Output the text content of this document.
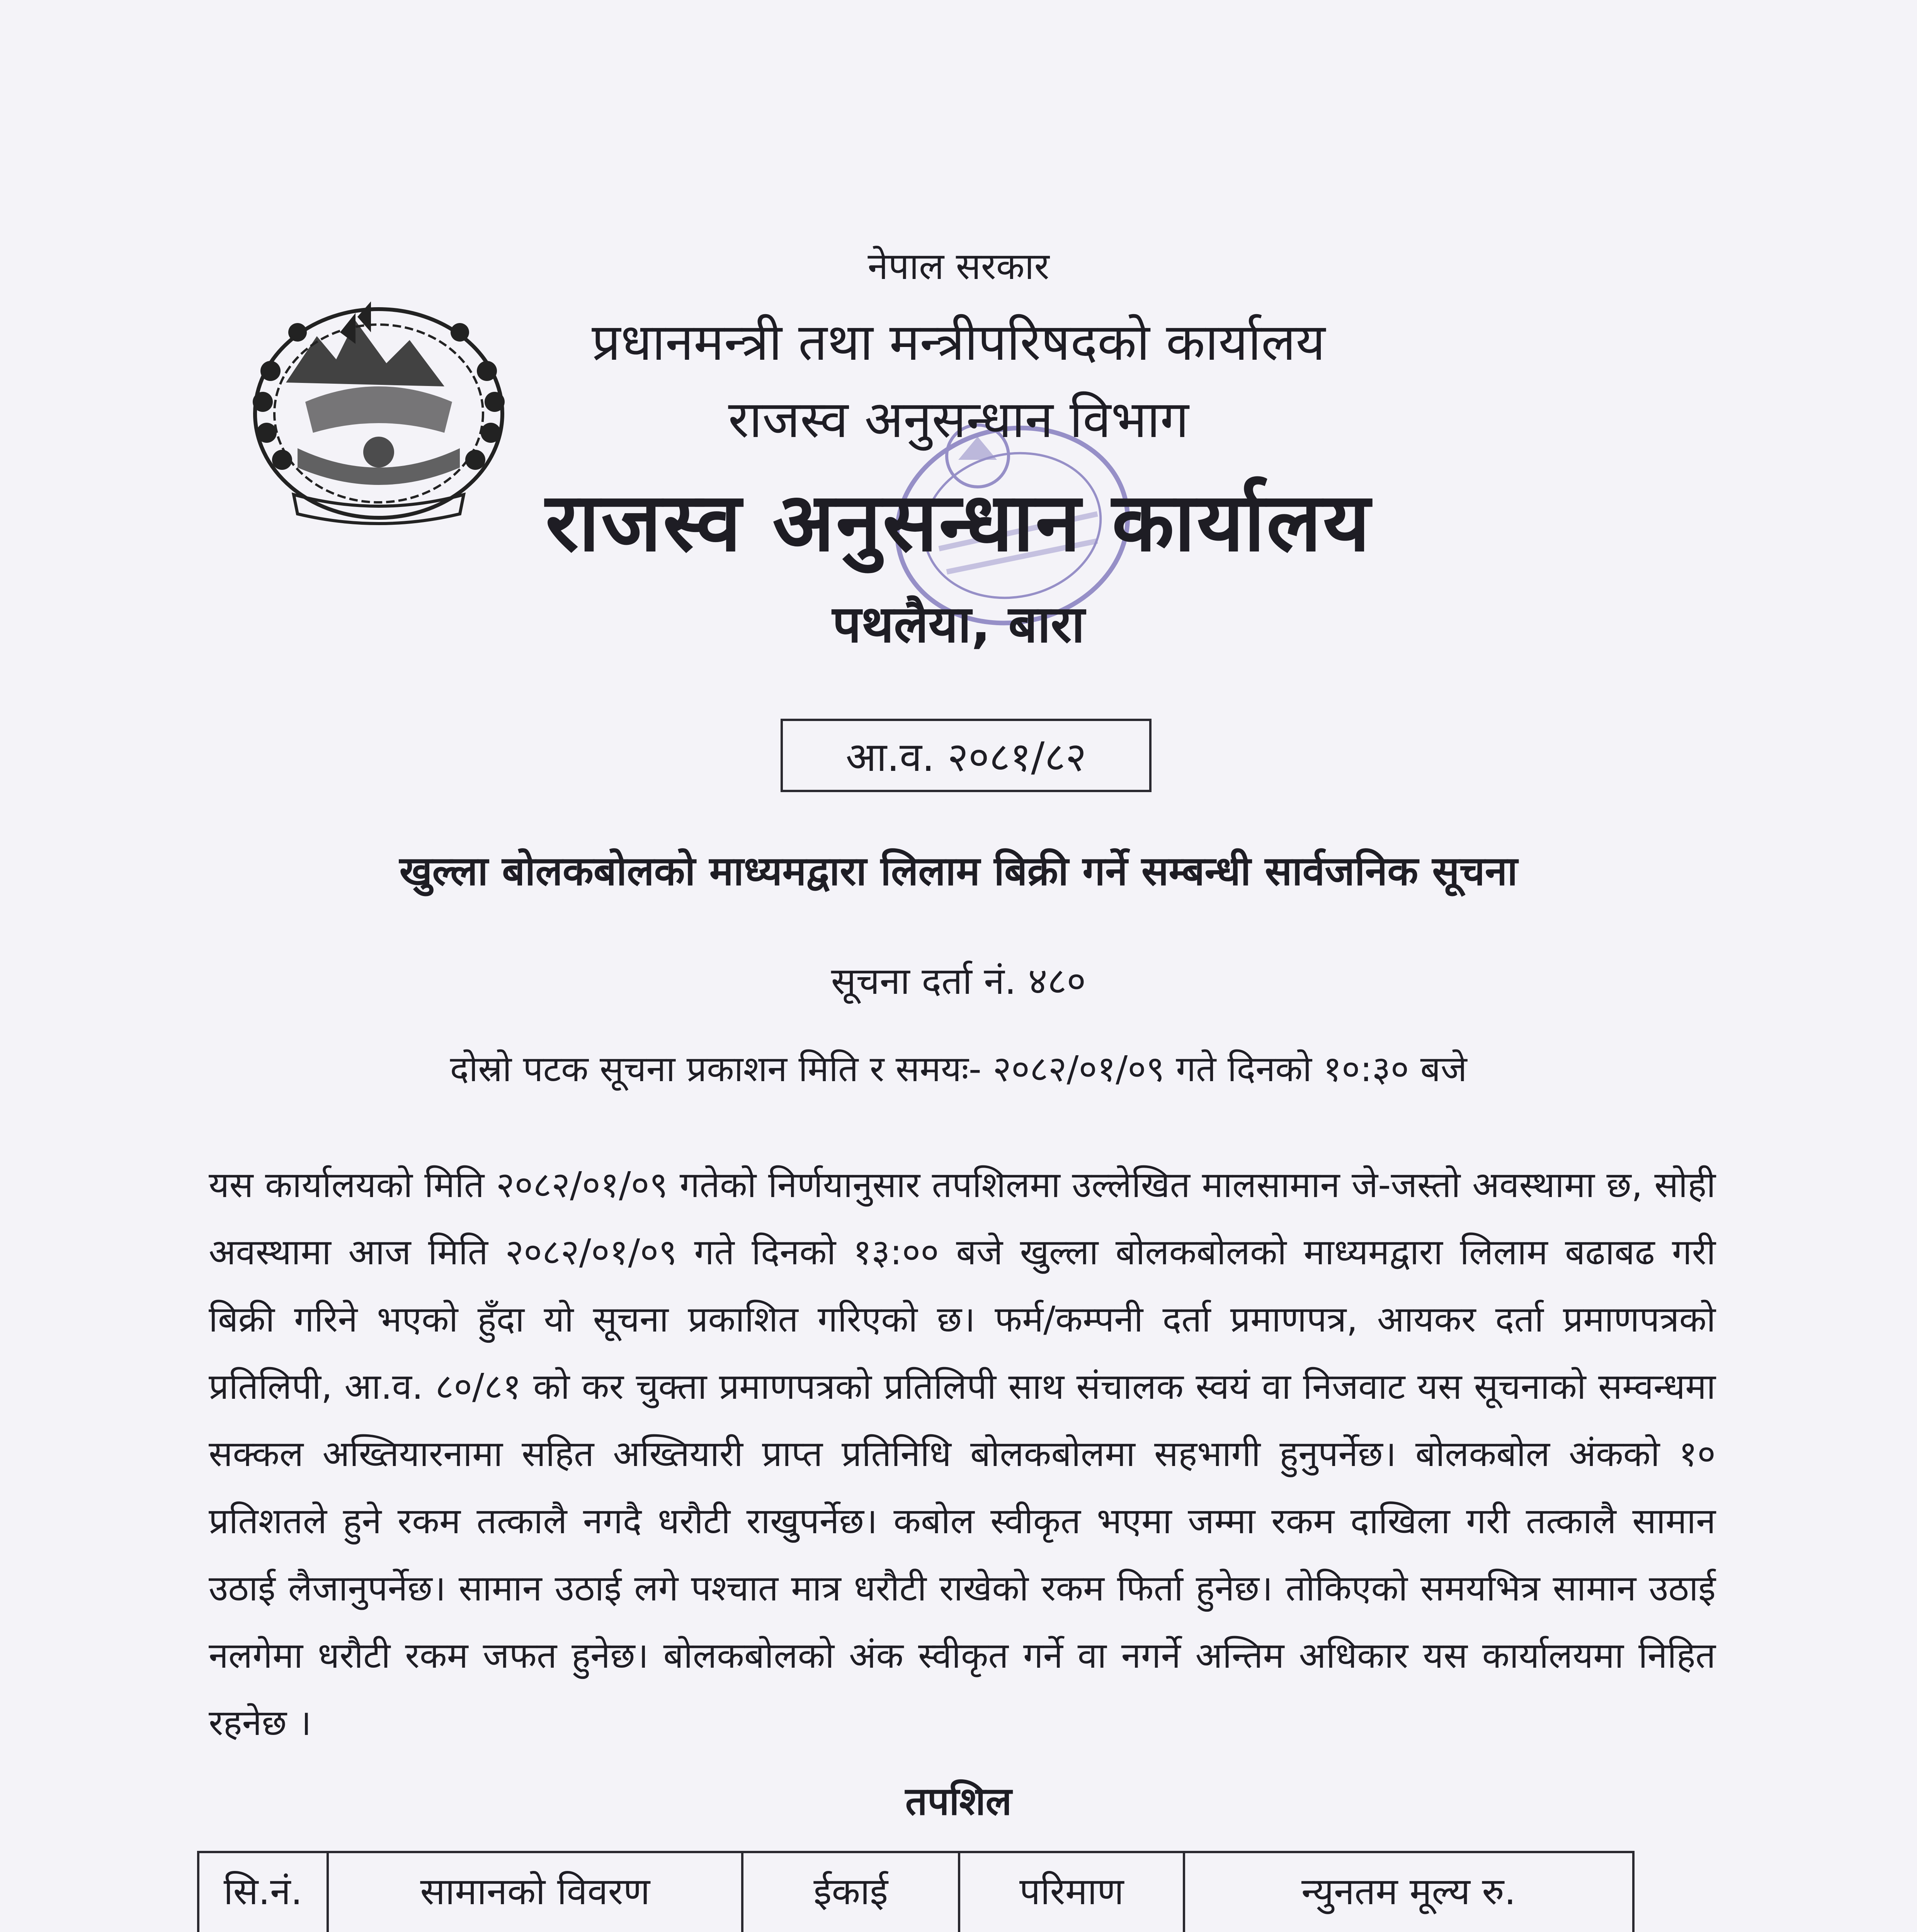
नेपाल सरकार
प्रधानमन्त्री तथा मन्त्रीपरिषदको कार्यालय
राजस्व अनुसन्धान विभाग
राजस्व अनुसन्धान कार्यालय
पथलैया, बारा
आ.व. २०८१/८२
खुल्ला बोलकबोलको माध्यमद्वारा लिलाम बिक्री गर्ने सम्बन्धी सार्वजनिक सूचना
सूचना दर्ता नं. ४८०
दोस्रो पटक सूचना प्रकाशन मिति र समयः- २०८२/०१/०९ गते दिनको १०:३० बजे
यस कार्यालयको मिति २०८२/०१/०९ गतेको निर्णयानुसार तपशिलमा उल्लेखित मालसामान जे-जस्तो अवस्थामा छ, सोही अवस्थामा आज मिति २०८२/०१/०९ गते दिनको १३:०० बजे खुल्ला बोलकबोलको माध्यमद्वारा लिलाम बढाबढ गरी बिक्री गरिने भएको हुँदा यो सूचना प्रकाशित गरिएको छ। फर्म/कम्पनी दर्ता प्रमाणपत्र, आयकर दर्ता प्रमाणपत्रको प्रतिलिपी, आ.व. ८०/८१ को कर चुक्ता प्रमाणपत्रको प्रतिलिपी साथ संचालक स्वयं वा निजवाट यस सूचनाको सम्वन्धमा सक्कल अख्तियारनामा सहित अख्तियारी प्राप्त प्रतिनिधि बोलकबोलमा सहभागी हुनुपर्नेछ। बोलकबोल अंकको १० प्रतिशतले हुने रकम तत्कालै नगदै धरौटी राखुपर्नेछ। कबोल स्वीकृत भएमा जम्मा रकम दाखिला गरी तत्कालै सामान उठाई लैजानुपर्नेछ। सामान उठाई लगे पश्चात मात्र धरौटी राखेको रकम फिर्ता हुनेछ। तोकिएको समयभित्र सामान उठाई नलगेमा धरौटी रकम जफत हुनेछ। बोलकबोलको अंक स्वीकृत गर्ने वा नगर्ने अन्तिम अधिकार यस कार्यालयमा निहित रहनेछ ।
तपशिल
सि.नं.	सामानको विवरण	ईकाई	परिमाण	न्युनतम मूल्य रु.
